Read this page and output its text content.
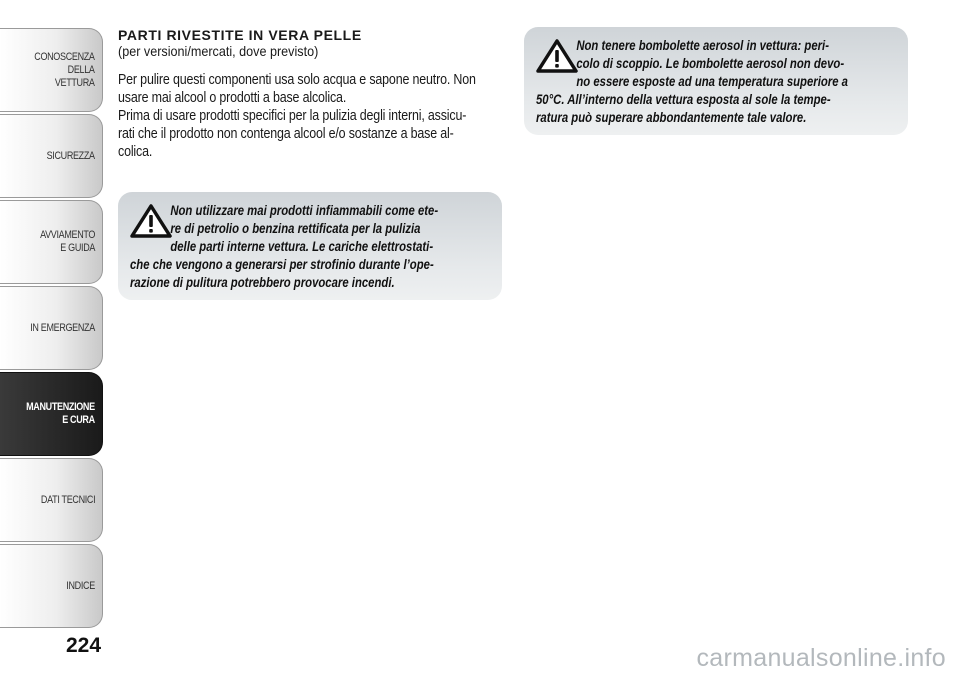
CONOSCENZA
DELLA
VETTURA
SICUREZZA
AVVIAMENTO
E GUIDA
IN EMERGENZA
MANUTENZIONE
E CURA
DATI TECNICI
INDICE
224
PARTI RIVESTITE IN VERA PELLE

(per versioni/mercati, dove previsto)

Per pulire questi componenti usa solo acqua e sapone neutro. Non
usare mai alcool o prodotti a base alcolica.
Prima di usare prodotti specifici per la pulizia degli interni, assicu-
rati che il prodotto non contenga alcool e/o sostanze a base al-
colica.

Non utilizzare mai prodotti infiammabili come ete-
re di petrolio o benzina rettificata per la pulizia
delle parti interne vettura. Le cariche elettrostati-
che che vengono a generarsi per strofinio durante l’ope-
razione di pulitura potrebbero provocare incendi.
Non tenere bombolette aerosol in vettura: peri-
colo di scoppio. Le bombolette aerosol non devo-
no essere esposte ad una temperatura superiore a
50°C. All’interno della vettura esposta al sole la tempe-
ratura può superare abbondantemente tale valore.
carmanualsonline.info
